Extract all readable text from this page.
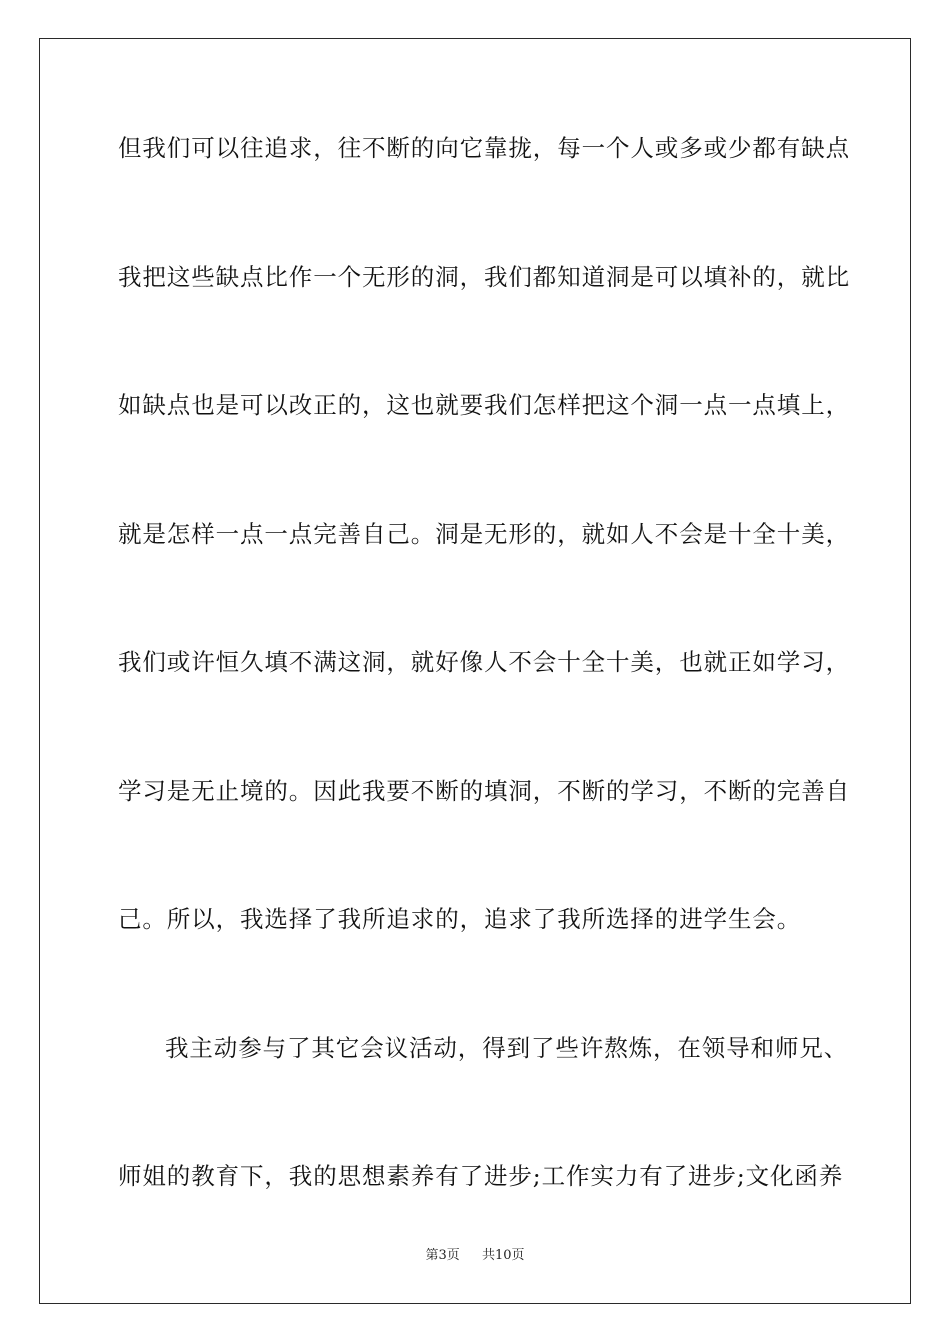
但我们可以往追求，往不断的向它靠拢，每一个人或多或少都有缺点
我把这些缺点比作一个无形的洞，我们都知道洞是可以填补的，就比
如缺点也是可以改正的，这也就要我们怎样把这个洞一点一点填上，
就是怎样一点一点完善自己。洞是无形的，就如人不会是十全十美，
我们或许恒久填不满这洞，就好像人不会十全十美，也就正如学习，
学习是无止境的。因此我要不断的填洞，不断的学习，不断的完善自
己。所以，我选择了我所追求的，追求了我所选择的进学生会。
我主动参与了其它会议活动，得到了些许熬炼，在领导和师兄、
师姐的教育下，我的思想素养有了进步;工作实力有了进步;文化函养
第3页 共10页
